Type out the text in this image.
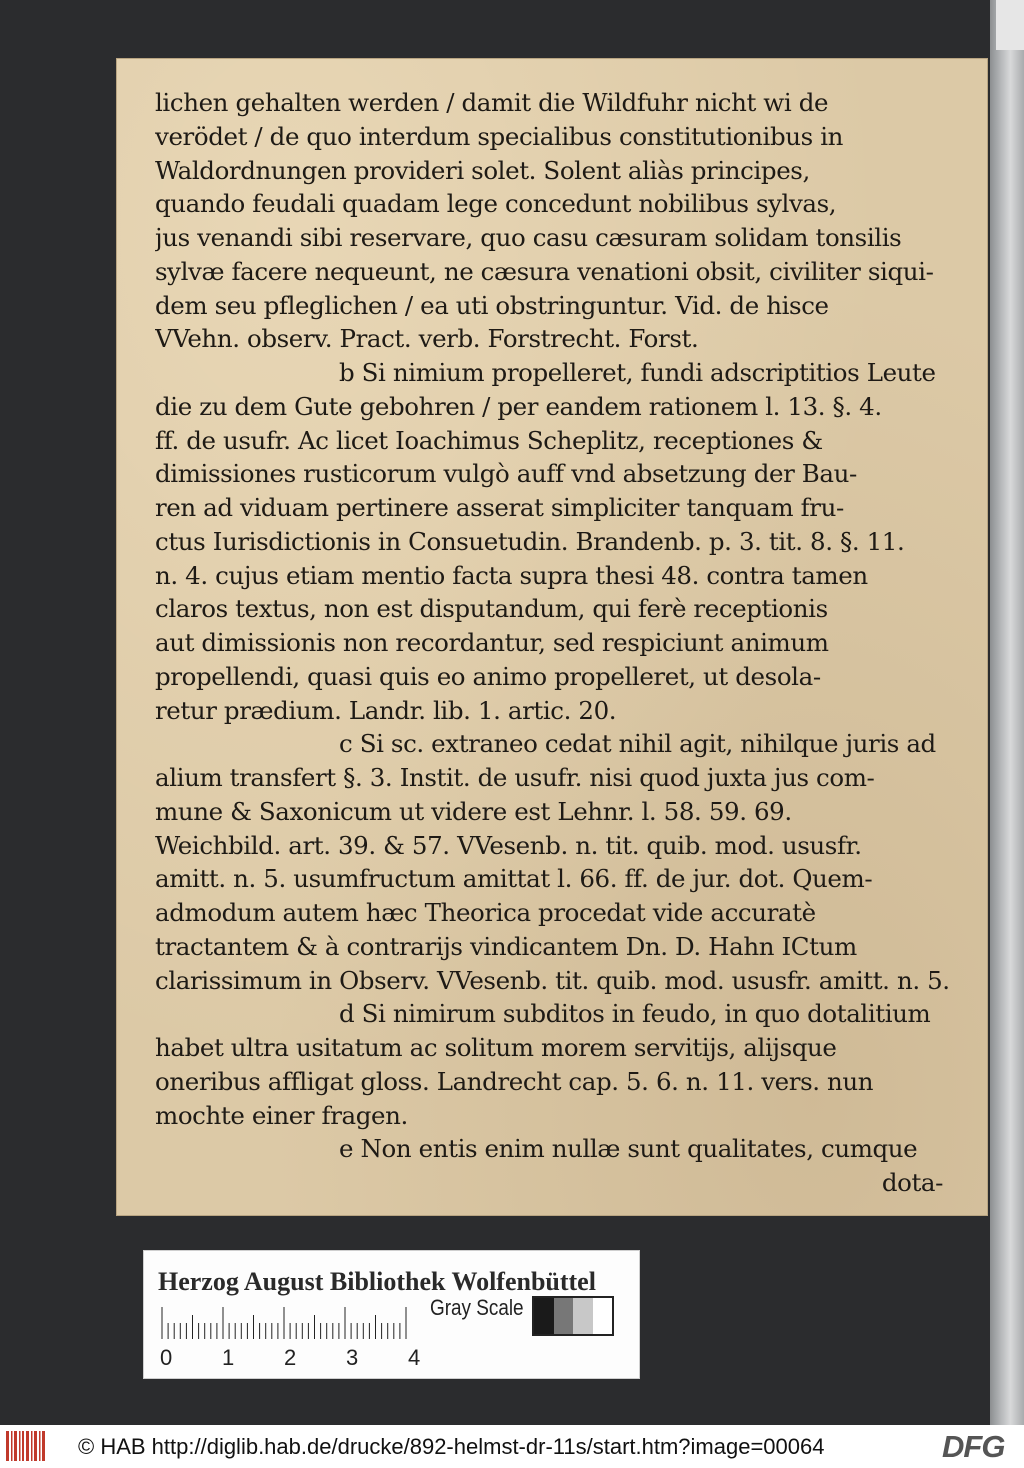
lichen gehalten werden / damit die Wildfuhr nicht wi de
verödet / de quo interdum specialibus constitutionibus in
Waldordnungen provideri solet. Solent aliàs principes,
quando feudali quadam lege concedunt nobilibus sylvas,
jus venandi sibi reservare, quo casu cæsuram solidam tonsilis
sylvæ facere nequeunt, ne cæsura venationi obsit, civiliter siqui-
dem seu pfleglichen / ea uti obstringuntur. Vid. de hisce
VVehn. observ. Pract. verb. Forstrecht. Forst.
b Si nimium propelleret, fundi adscriptitios Leute
die zu dem Gute gebohren / per eandem rationem l. 13. §. 4.
ff. de usufr. Ac licet Ioachimus Scheplitz, receptiones &
dimissiones rusticorum vulgò auff vnd absetzung der Bau-
ren ad viduam pertinere asserat simpliciter tanquam fru-
ctus Iurisdictionis in Consuetudin. Brandenb. p. 3. tit. 8. §. 11.
n. 4. cujus etiam mentio facta supra thesi 48. contra tamen
claros textus, non est disputandum, qui ferè receptionis
aut dimissionis non recordantur, sed respiciunt animum
propellendi, quasi quis eo animo propelleret, ut desola-
retur prædium. Landr. lib. 1. artic. 20.
c Si sc. extraneo cedat nihil agit, nihilque juris ad
alium transfert §. 3. Instit. de usufr. nisi quod juxta jus com-
mune & Saxonicum ut videre est Lehnr. l. 58. 59. 69.
Weichbild. art. 39. & 57. VVesenb. n. tit. quib. mod. ususfr.
amitt. n. 5. usumfructum amittat l. 66. ff. de jur. dot. Quem-
admodum autem hæc Theorica procedat vide accuratè
tractantem & à contrarijs vindicantem Dn. D. Hahn ICtum
clarissimum in Observ. VVesenb. tit. quib. mod. ususfr. amitt. n. 5.
d Si nimirum subditos in feudo, in quo dotalitium
habet ultra usitatum ac solitum morem servitijs, alijsque
oneribus affligat gloss. Landrecht cap. 5. 6. n. 11. vers. nun
mochte einer fragen.
e Non entis enim nullæ sunt qualitates, cumque
dota-
Herzog August Bibliothek Wolfenbüttel
0 1 2 3 4
Gray Scale
© HAB http://diglib.hab.de/drucke/892-helmst-dr-11s/start.htm?image=00064	DFG
